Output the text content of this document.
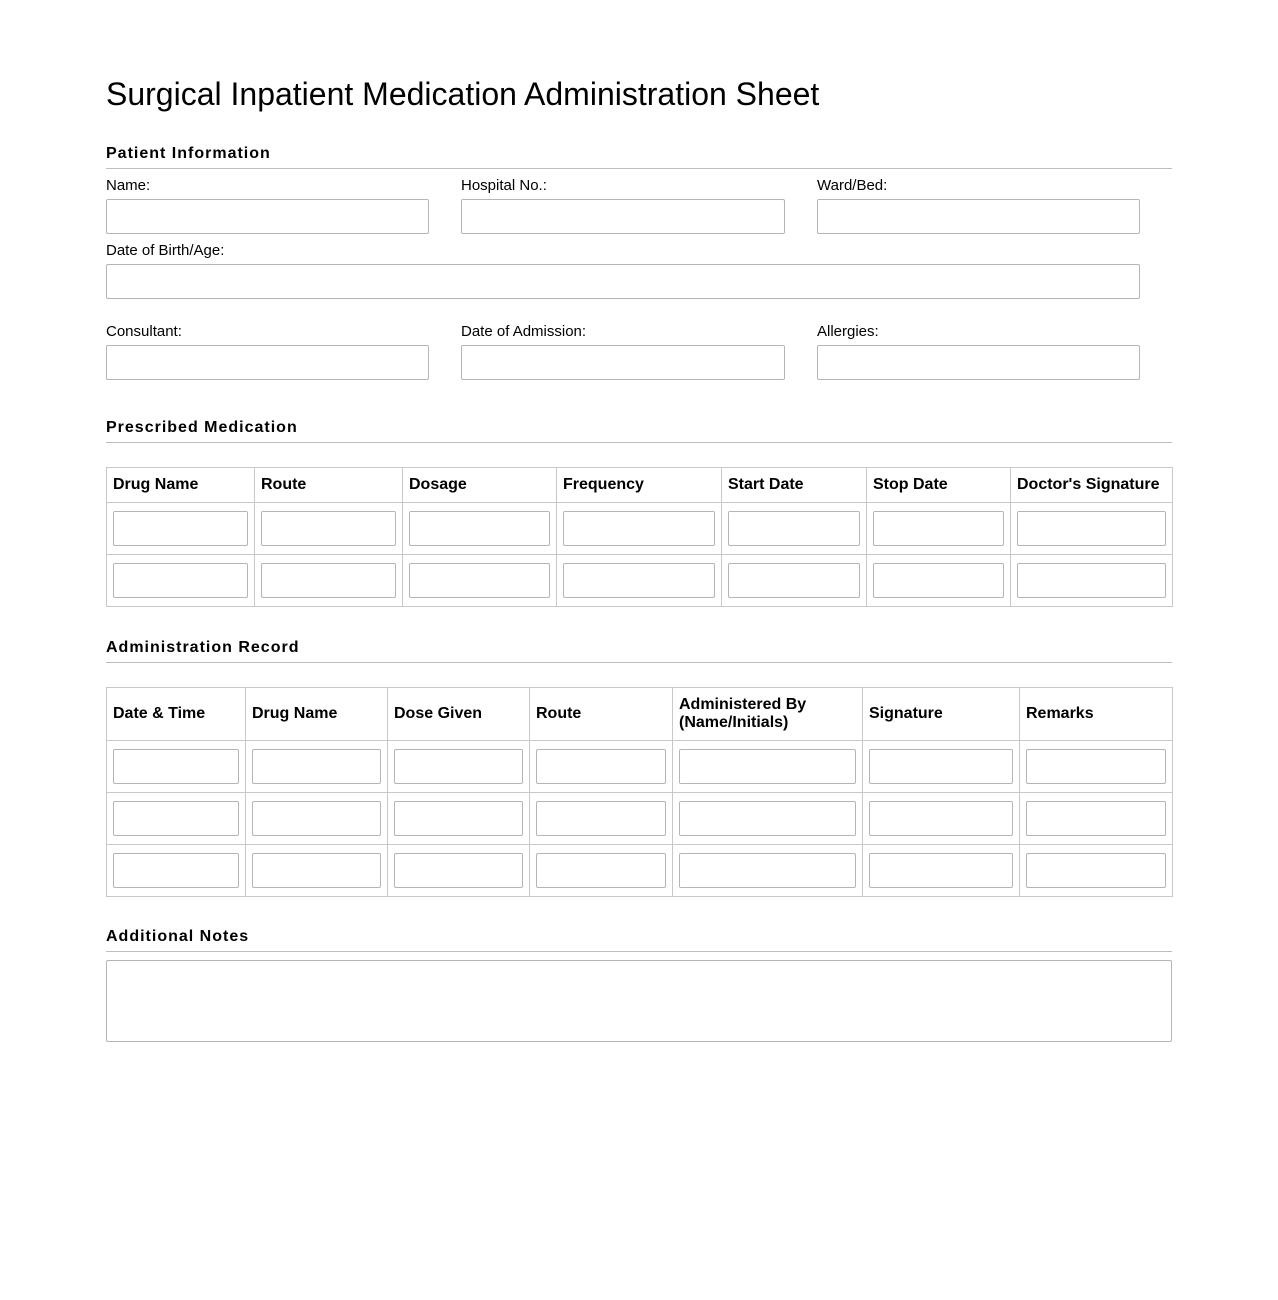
Surgical Inpatient Medication Administration Sheet
Patient Information
Name:	Hospital No.:	Ward/Bed:
Date of Birth/Age:
Consultant:	Date of Admission:	Allergies:
Prescribed Medication
Drug Name	Route	Dosage	Frequency	Start Date	Stop Date	Doctor's Signature

Administration Record
Date & Time	Drug Name	Dose Given	Route	Administered By (Name/Initials)	Signature	Remarks

Additional Notes
